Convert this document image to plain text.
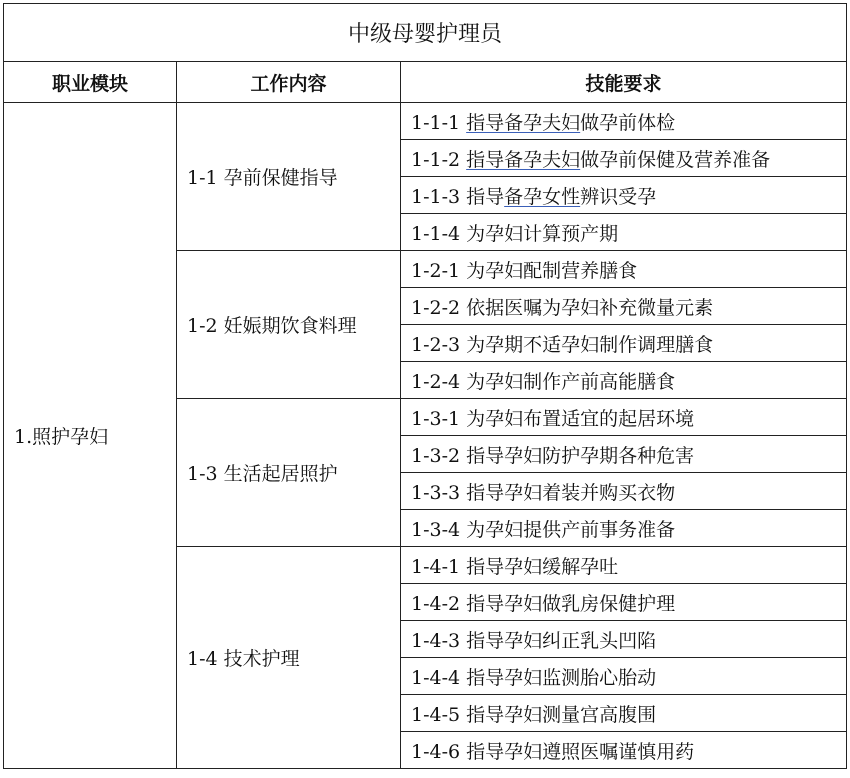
中级母婴护理员		
职业模块	工作内容	技能要求
1.照护孕妇	1-1 孕前保健指导	1-1-1 指导备孕夫妇做孕前体检
		1-1-2 指导备孕夫妇做孕前保健及营养准备
		1-1-3 指导备孕女性辨识受孕
		1-1-4 为孕妇计算预产期
	1-2 妊娠期饮食料理	1-2-1 为孕妇配制营养膳食
		1-2-2 依据医嘱为孕妇补充微量元素
		1-2-3 为孕期不适孕妇制作调理膳食
		1-2-4 为孕妇制作产前高能膳食
	1-3 生活起居照护	1-3-1 为孕妇布置适宜的起居环境
		1-3-2 指导孕妇防护孕期各种危害
		1-3-3 指导孕妇着装并购买衣物
		1-3-4 为孕妇提供产前事务准备
	1-4 技术护理	1-4-1 指导孕妇缓解孕吐
		1-4-2 指导孕妇做乳房保健护理
		1-4-3 指导孕妇纠正乳头凹陷
		1-4-4 指导孕妇监测胎心胎动
		1-4-5 指导孕妇测量宫高腹围
		1-4-6 指导孕妇遵照医嘱谨慎用药
